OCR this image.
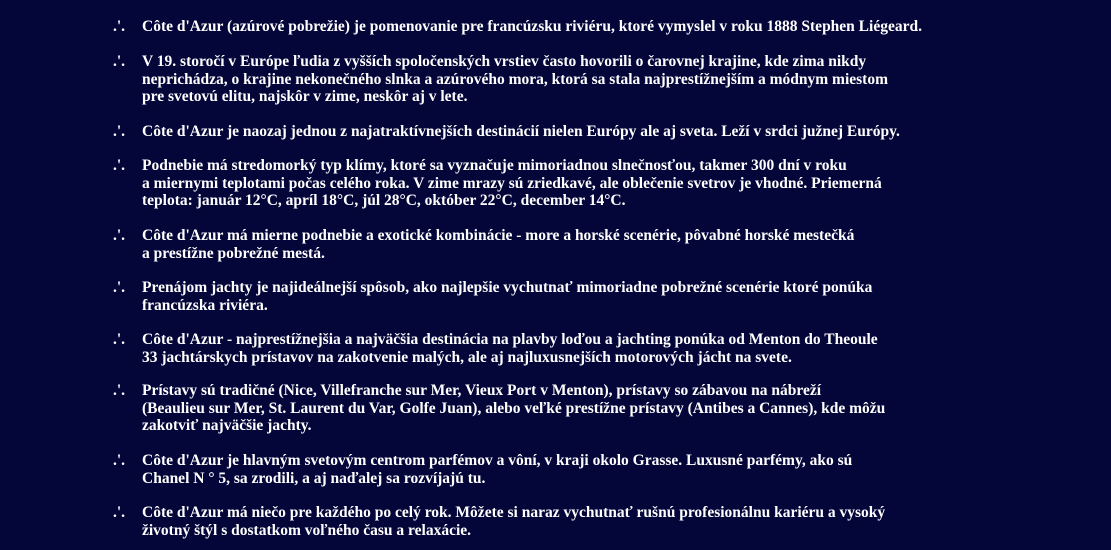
.'.	Côte d'Azur (azúrové pobrežie) je pomenovanie pre francúzsku riviéru, ktoré vymyslel v roku 1888 Stephen Liégeard.
.'.	V 19. storočí v Európe ľudia z vyšších spoločenských vrstiev často hovorili o čarovnej krajine, kde zima nikdy
neprichádza, o krajine nekonečného slnka a azúrového mora, ktorá sa stala najprestížnejším a módnym miestom
pre svetovú elitu, najskôr v zime, neskôr aj v lete.
.'.	Côte d'Azur je naozaj jednou z najatraktívnejších destinácií nielen Európy ale aj sveta. Leží v srdci južnej Európy.
.'.	Podnebie má stredomorký typ klímy, ktoré sa vyznačuje mimoriadnou slnečnosťou, takmer 300 dní v roku
a miernymi teplotami počas celého roka. V zime mrazy sú zriedkavé, ale oblečenie svetrov je vhodné. Priemerná
teplota: január 12°C, apríl 18°C, júl 28°C, október 22°C, december 14°C.
.'.	Côte d'Azur má mierne podnebie a exotické kombinácie - more a horské scenérie, pôvabné horské mestečká
a prestížne pobrežné mestá.
.'.	Prenájom jachty je najideálnejší spôsob, ako najlepšie vychutnať mimoriadne pobrežné scenérie ktoré ponúka
francúzska riviéra.
.'.	Côte d'Azur - najprestížnejšia a najväčšia destinácia na plavby loďou a jachting ponúka od Menton do Theoule
33 jachtárskych prístavov na zakotvenie malých, ale aj najluxusnejších motorových jácht na svete.
.'.	Prístavy sú tradičné (Nice, Villefranche sur Mer, Vieux Port v Menton), prístavy so zábavou na nábreží
(Beaulieu sur Mer, St. Laurent du Var, Golfe Juan), alebo veľké prestížne prístavy (Antibes a Cannes), kde môžu
zakotviť najväčšie jachty.
.'.	Côte d'Azur je hlavným svetovým centrom parfémov a vôní, v kraji okolo Grasse. Luxusné parfémy, ako sú
Chanel N ° 5, sa zrodili, a aj naďalej sa rozvíjajú tu.
.'.	Côte d'Azur má niečo pre každého po celý rok. Môžete si naraz vychutnať rušnú profesionálnu kariéru a vysoký
životný štýl s dostatkom voľného času a relaxácie.
